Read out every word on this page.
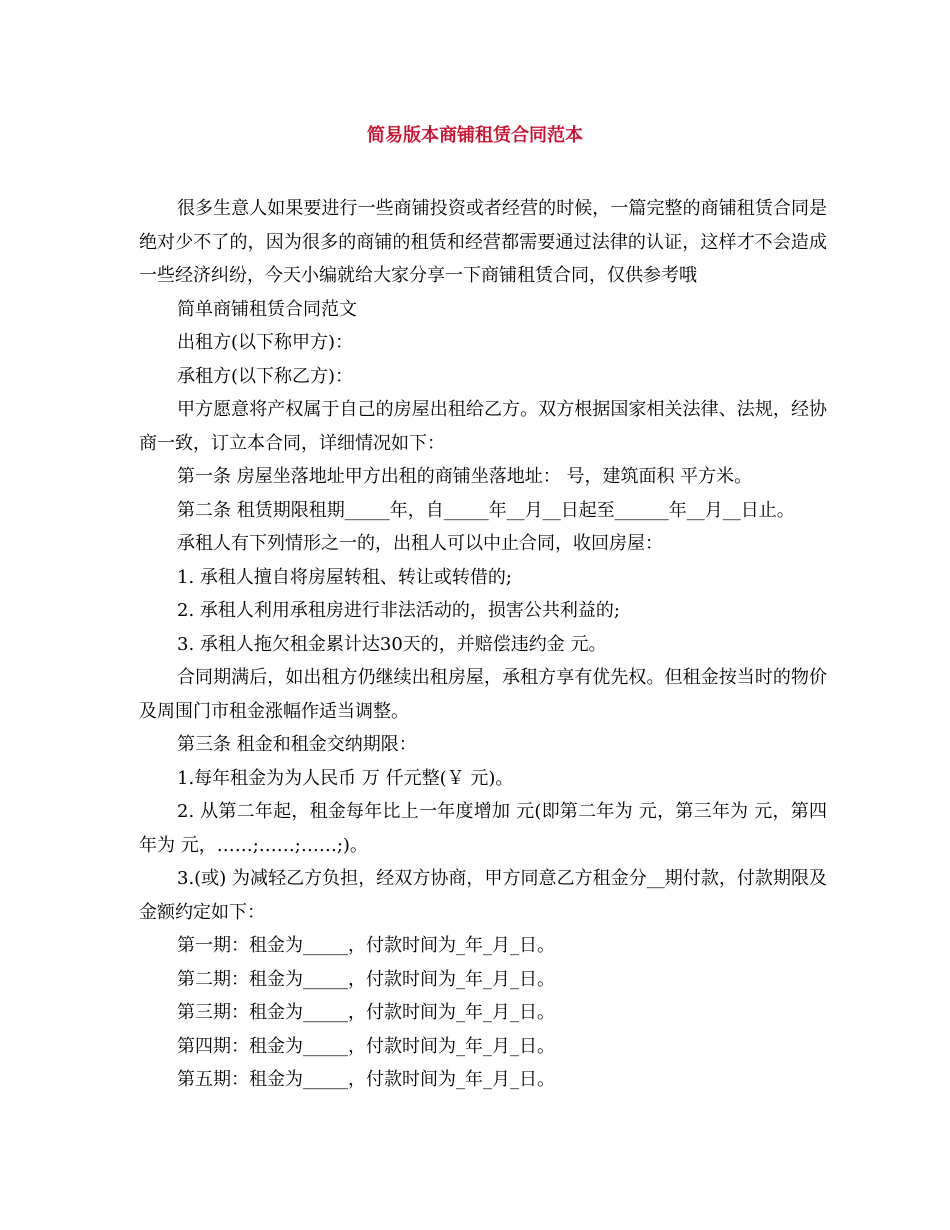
简易版本商铺租赁合同范本

很多生意人如果要进行一些商铺投资或者经营的时候，一篇完整的商铺租赁合同是绝对少不了的，因为很多的商铺的租赁和经营都需要通过法律的认证，这样才不会造成一些经济纠纷，今天小编就给大家分享一下商铺租赁合同，仅供参考哦

简单商铺租赁合同范文

出租方(以下称甲方)：

承租方(以下称乙方)：

甲方愿意将产权属于自己的房屋出租给乙方。双方根据国家相关法律、法规，经协商一致，订立本合同，详细情况如下：

第一条 房屋坐落地址甲方出租的商铺坐落地址： 号，建筑面积 平方米。

第二条 租赁期限租期_____年，自_____年__月__日起至______年__月__日止。

承租人有下列情形之一的，出租人可以中止合同，收回房屋：

1. 承租人擅自将房屋转租、转让或转借的;

2. 承租人利用承租房进行非法活动的，损害公共利益的;

3. 承租人拖欠租金累计达30天的，并赔偿违约金 元。

合同期满后，如出租方仍继续出租房屋，承租方享有优先权。但租金按当时的物价及周围门市租金涨幅作适当调整。

第三条 租金和租金交纳期限：

1.每年租金为为人民币 万 仟元整(￥ 元)。

2. 从第二年起，租金每年比上一年度增加 元(即第二年为 元，第三年为 元，第四年为 元，……;……;……;)。

3.(或) 为减轻乙方负担，经双方协商，甲方同意乙方租金分__期付款，付款期限及金额约定如下：

第一期：租金为_____，付款时间为_年_月_日。

第二期：租金为_____，付款时间为_年_月_日。

第三期：租金为_____，付款时间为_年_月_日。

第四期：租金为_____，付款时间为_年_月_日。

第五期：租金为_____，付款时间为_年_月_日。
